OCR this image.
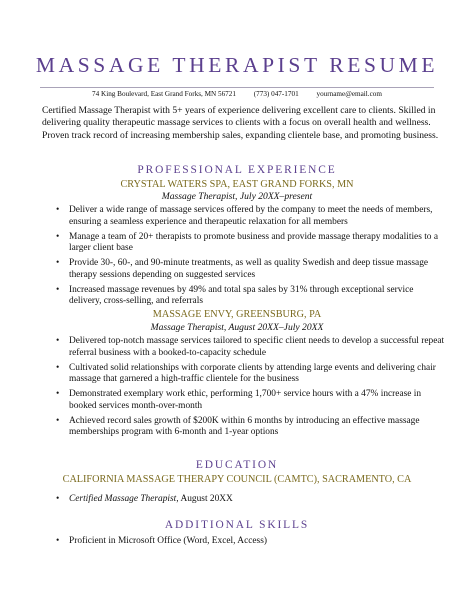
MASSAGE THERAPIST RESUME
74 King Boulevard, East Grand Forks, MN 56721 (773) 047-1701 yourname@email.com

Certified Massage Therapist with 5+ years of experience delivering excellent care to clients. Skilled in delivering quality therapeutic massage services to clients with a focus on overall health and wellness. Proven track record of increasing membership sales, expanding clientele base, and promoting business.

PROFESSIONAL EXPERIENCE
CRYSTAL WATERS SPA, EAST GRAND FORKS, MN
Massage Therapist, July 20XX–present
• Deliver a wide range of massage services offered by the company to meet the needs of members, ensuring a seamless experience and therapeutic relaxation for all members
• Manage a team of 20+ therapists to promote business and provide massage therapy modalities to a larger client base
• Provide 30-, 60-, and 90-minute treatments, as well as quality Swedish and deep tissue massage therapy sessions depending on suggested services
• Increased massage revenues by 49% and total spa sales by 31% through exceptional service delivery, cross-selling, and referrals
MASSAGE ENVY, GREENSBURG, PA
Massage Therapist, August 20XX–July 20XX
• Delivered top-notch massage services tailored to specific client needs to develop a successful repeat referral business with a booked-to-capacity schedule
• Cultivated solid relationships with corporate clients by attending large events and delivering chair massage that garnered a high-traffic clientele for the business
• Demonstrated exemplary work ethic, performing 1,700+ service hours with a 47% increase in booked services month-over-month
• Achieved record sales growth of $200K within 6 months by introducing an effective massage memberships program with 6-month and 1-year options
EDUCATION
CALIFORNIA MASSAGE THERAPY COUNCIL (CAMTC), SACRAMENTO, CA
• Certified Massage Therapist, August 20XX
ADDITIONAL SKILLS
• Proficient in Microsoft Office (Word, Excel, Access)
